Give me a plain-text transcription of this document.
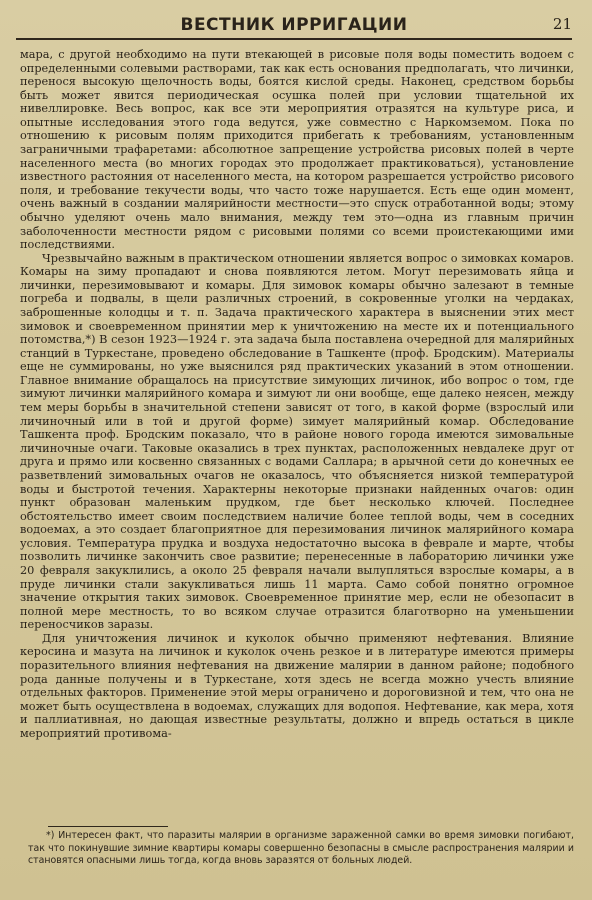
ВЕСТНИК ИРРИГАЦИИ	21

мара, с другой необходимо на пути втекающей в рисовые поля воды поместить водоем с определенными солевыми растворами, так как есть основания предполагать, что личинки, перенося высокую щелочность воды, боятся кислой среды. Наконец, средством борьбы быть может явится периодическая осушка полей при условии тщательной их нивеллировке. Весь вопрос, как все эти мероприятия отразятся на культуре риса, и опытные исследования этого года ведутся, уже совместно с Наркомземом. Пока по отношению к рисовым полям приходится прибегать к требованиям, установленным заграничными трафаретами: абсолютное запрещение устройства рисовых полей в черте населенного места (во многих городах это продолжает практиковаться), установление известного растояния от населенного места, на котором разрешается устройство рисового поля, и требование текучести воды, что часто тоже нарушается. Есть еще один момент, очень важный в создании малярийности местности—это спуск отработанной воды; этому обычно уделяют очень мало внимания, между тем это—одна из главным причин заболоченности местности рядом с рисовыми полями со всеми проистекающими ими последствиями.

Чрезвычайно важным в практическом отношении является вопрос о зимовках комаров. Комары на зиму пропадают и снова появляются летом. Могут перезимовать яйца и личинки, перезимовывают и комары. Для зимовок комары обычно залезают в темные погреба и подвалы, в щели различных строений, в сокровенные уголки на чердаках, заброшенные колодцы и т. п. Задача практического характера в выяснении этих мест зимовок и своевременном принятии мер к уничтожению на месте их и потенциального потомства,*) В сезон 1923—1924 г. эта задача была поставлена очередной для малярийных станций в Туркестане, проведено обследование в Ташкенте (проф. Бродским). Материалы еще не суммированы, но уже выяснился ряд практических указаний в этом отношении. Главное внимание обращалось на присутствие зимующих личинок, ибо вопрос о том, где зимуют личинки малярийного комара и зимуют ли они вообще, еще далеко неясен, между тем меры борьбы в значительной степени зависят от того, в какой форме (взрослый или личиночный или в той и другой форме) зимует малярийный комар. Обследование Ташкента проф. Бродским показало, что в районе нового города имеются зимовальные личиночные очаги. Таковые оказались в трех пунктах, расположенных невдалеке друг от друга и прямо или косвенно связанных с водами Саллара; в арычной сети до конечных ее разветвлений зимовальных очагов не оказалось, что объясняется низкой температурой воды и быстротой течения. Характерны некоторые признаки найденных очагов: один пункт образован маленьким прудком, где бьет несколько ключей. Последнее обстоятельство имеет своим последствием наличие более теплой воды, чем в соседних водоемах, а это создает благоприятное для перезимования личинок малярийного комара условия. Температура прудка и воздуха недостаточно высока в феврале и марте, чтобы позволить личинке закончить свое развитие; перенесенные в лабораторию личинки уже 20 февраля закуклились, а около 25 февраля начали вылупляться взрослые комары, а в пруде личинки стали закукливаться лишь 11 марта. Само собой понятно огромное значение открытия таких зимовок. Своевременное принятие мер, если не обезопасит в полной мере местность, то во всяком случае отразится благотворно на уменьшении переносчиков заразы.

Для уничтожения личинок и куколок обычно применяют нефтевания. Влияние керосина и мазута на личинок и куколок очень резкое и в литературе имеются примеры поразительного влияния нефтевания на движение малярии в данном районе; подобного рода данные получены и в Туркестане, хотя здесь не всегда можно учесть влияние отдельных факторов. Применение этой меры ограничено и дороговизной и тем, что она не может быть осуществлена в водоемах, служащих для водопоя. Нефтевание, как мера, хотя и паллиативная, но дающая известные результаты, должно и впредь остаться в цикле мероприятий противома-

*) Интересен факт, что паразиты малярии в организме зараженной самки во время зимовки погибают, так что покинувшие зимние квартиры комары совершенно безопасны в смысле распространения малярии и становятся опасными лишь тогда, когда вновь заразятся от больных людей.
